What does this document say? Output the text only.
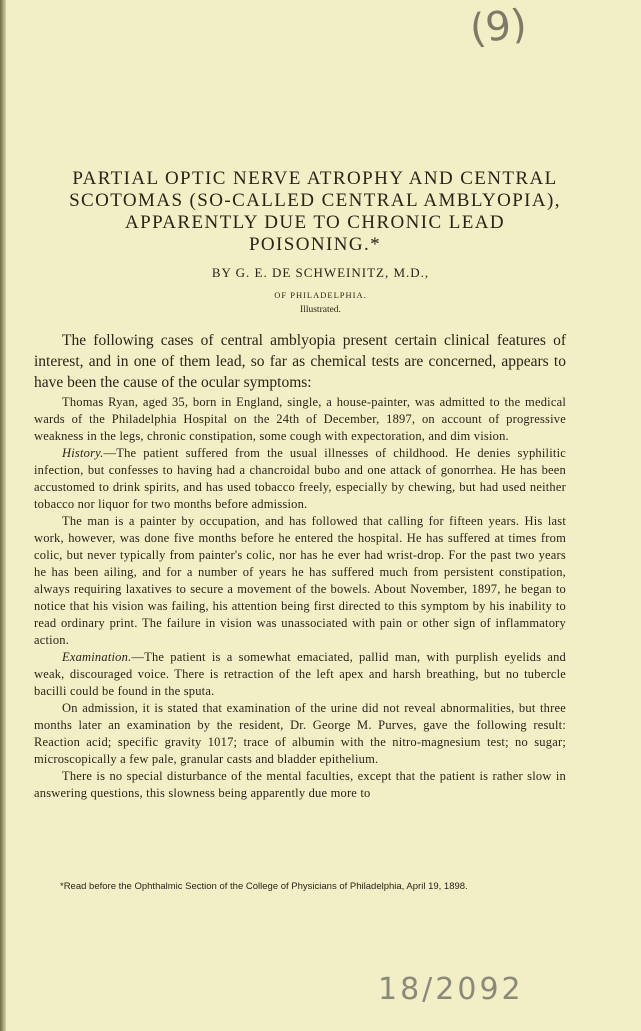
(9)
PARTIAL OPTIC NERVE ATROPHY AND CENTRAL
SCOTOMAS (SO-CALLED CENTRAL AMBLYOPIA),
APPARENTLY DUE TO CHRONIC LEAD
POISONING.*
BY G. E. DE SCHWEINITZ, M.D.,
OF PHILADELPHIA.
Illustrated.

The following cases of central amblyopia present certain clinical features of interest, and in one of them lead, so far as chemical tests are concerned, appears to have been the cause of the ocular symptoms:

Thomas Ryan, aged 35, born in England, single, a house-painter, was admitted to the medical wards of the Philadelphia Hospital on the 24th of December, 1897, on account of progressive weakness in the legs, chronic constipation, some cough with expectoration, and dim vision.

History.—The patient suffered from the usual illnesses of childhood. He denies syphilitic infection, but confesses to having had a chancroidal bubo and one attack of gonorrhea. He has been accustomed to drink spirits, and has used tobacco freely, especially by chewing, but had used neither tobacco nor liquor for two months before admission.

The man is a painter by occupation, and has followed that calling for fifteen years. His last work, however, was done five months before he entered the hospital. He has suffered at times from colic, but never typically from painter's colic, nor has he ever had wrist-drop. For the past two years he has been ailing, and for a number of years he has suffered much from persistent constipation, always requiring laxatives to secure a movement of the bowels. About November, 1897, he began to notice that his vision was failing, his attention being first directed to this symptom by his inability to read ordinary print. The failure in vision was unassociated with pain or other sign of inflammatory action.

Examination.—The patient is a somewhat emaciated, pallid man, with purplish eyelids and weak, discouraged voice. There is retraction of the left apex and harsh breathing, but no tubercle bacilli could be found in the sputa.

On admission, it is stated that examination of the urine did not reveal abnormalities, but three months later an examination by the resident, Dr. George M. Purves, gave the following result: Reaction acid; specific gravity 1017; trace of albumin with the nitro-magnesium test; no sugar; microscopically a few pale, granular casts and bladder epithelium.

There is no special disturbance of the mental faculties, except that the patient is rather slow in answering questions, this slowness being apparently due more to

*Read before the Ophthalmic Section of the College of Physicians of Philadelphia, April 19, 1898.

18/2092
